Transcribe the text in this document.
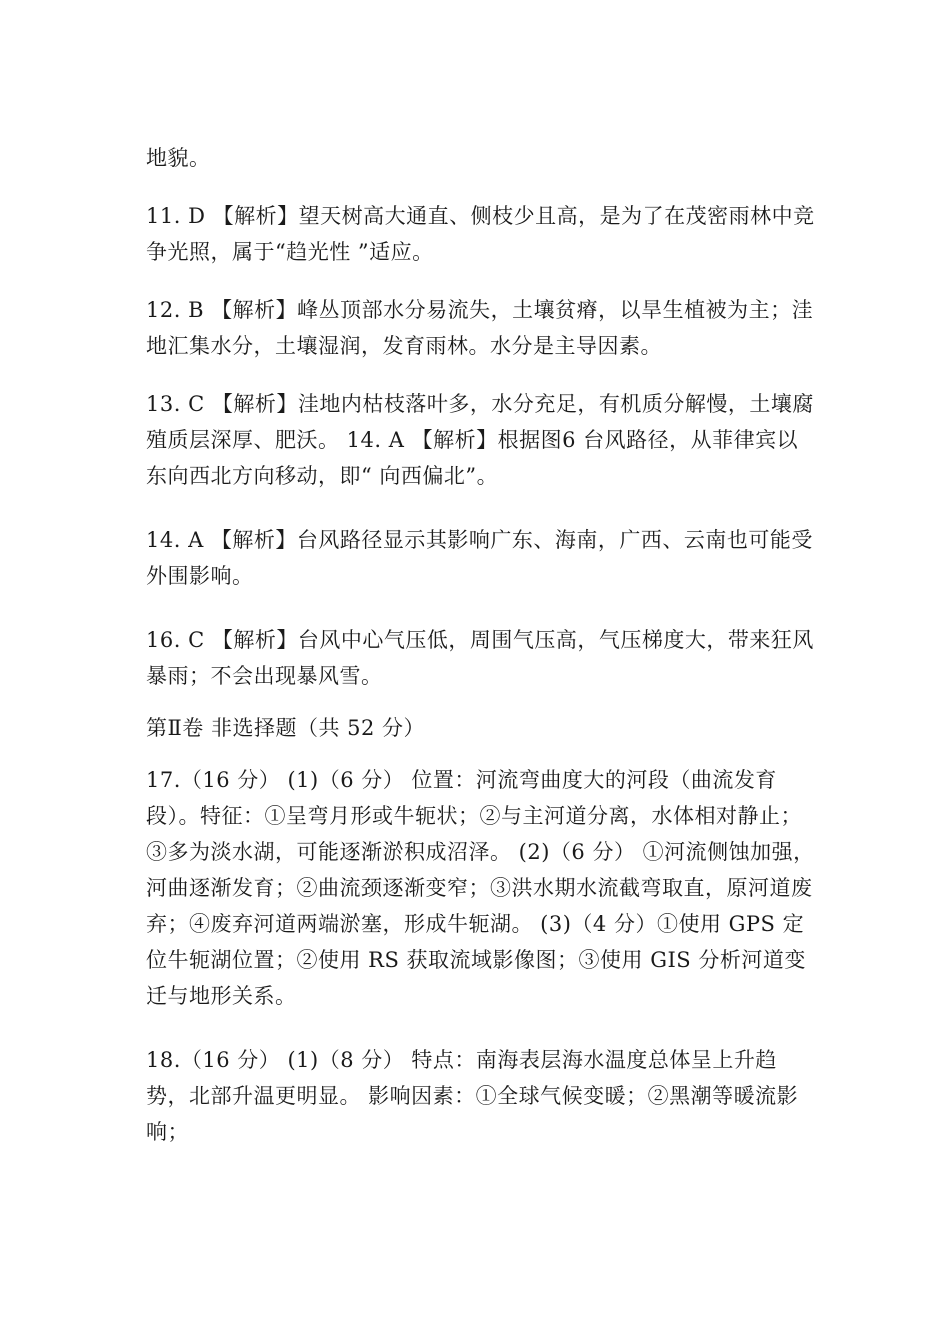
地貌。

11. D 【解析】望天树高大通直、侧枝少且高，是为了在茂密雨林中竞争光照，属于“趋光性 ”适应。

12. B 【解析】峰丛顶部水分易流失，土壤贫瘠，以旱生植被为主；洼地汇集水分，土壤湿润，发育雨林。水分是主导因素。

13. C 【解析】洼地内枯枝落叶多，水分充足，有机质分解慢，土壤腐殖质层深厚、肥沃。 14. A 【解析】根据图6 台风路径，从菲律宾以东向西北方向移动，即“ 向西偏北”。

14. A 【解析】台风路径显示其影响广东、海南，广西、云南也可能受外围影响。

16. C 【解析】台风中心气压低，周围气压高，气压梯度大，带来狂风暴雨；不会出现暴风雪。

第Ⅱ卷 非选择题（共 52 分）

17.（16 分） (1)（6 分） 位置：河流弯曲度大的河段（曲流发育段）。特征：①呈弯月形或牛轭状；②与主河道分离，水体相对静止；③多为淡水湖，可能逐渐淤积成沼泽。 (2)（6 分） ①河流侧蚀加强，河曲逐渐发育；②曲流颈逐渐变窄；③洪水期水流截弯取直，原河道废弃；④废弃河道两端淤塞，形成牛轭湖。 (3)（4 分）①使用 GPS 定位牛轭湖位置；②使用 RS 获取流域影像图；③使用 GIS 分析河道变迁与地形关系。

18.（16 分） (1)（8 分） 特点：南海表层海水温度总体呈上升趋势，北部升温更明显。 影响因素：①全球气候变暖；②黑潮等暖流影响；
